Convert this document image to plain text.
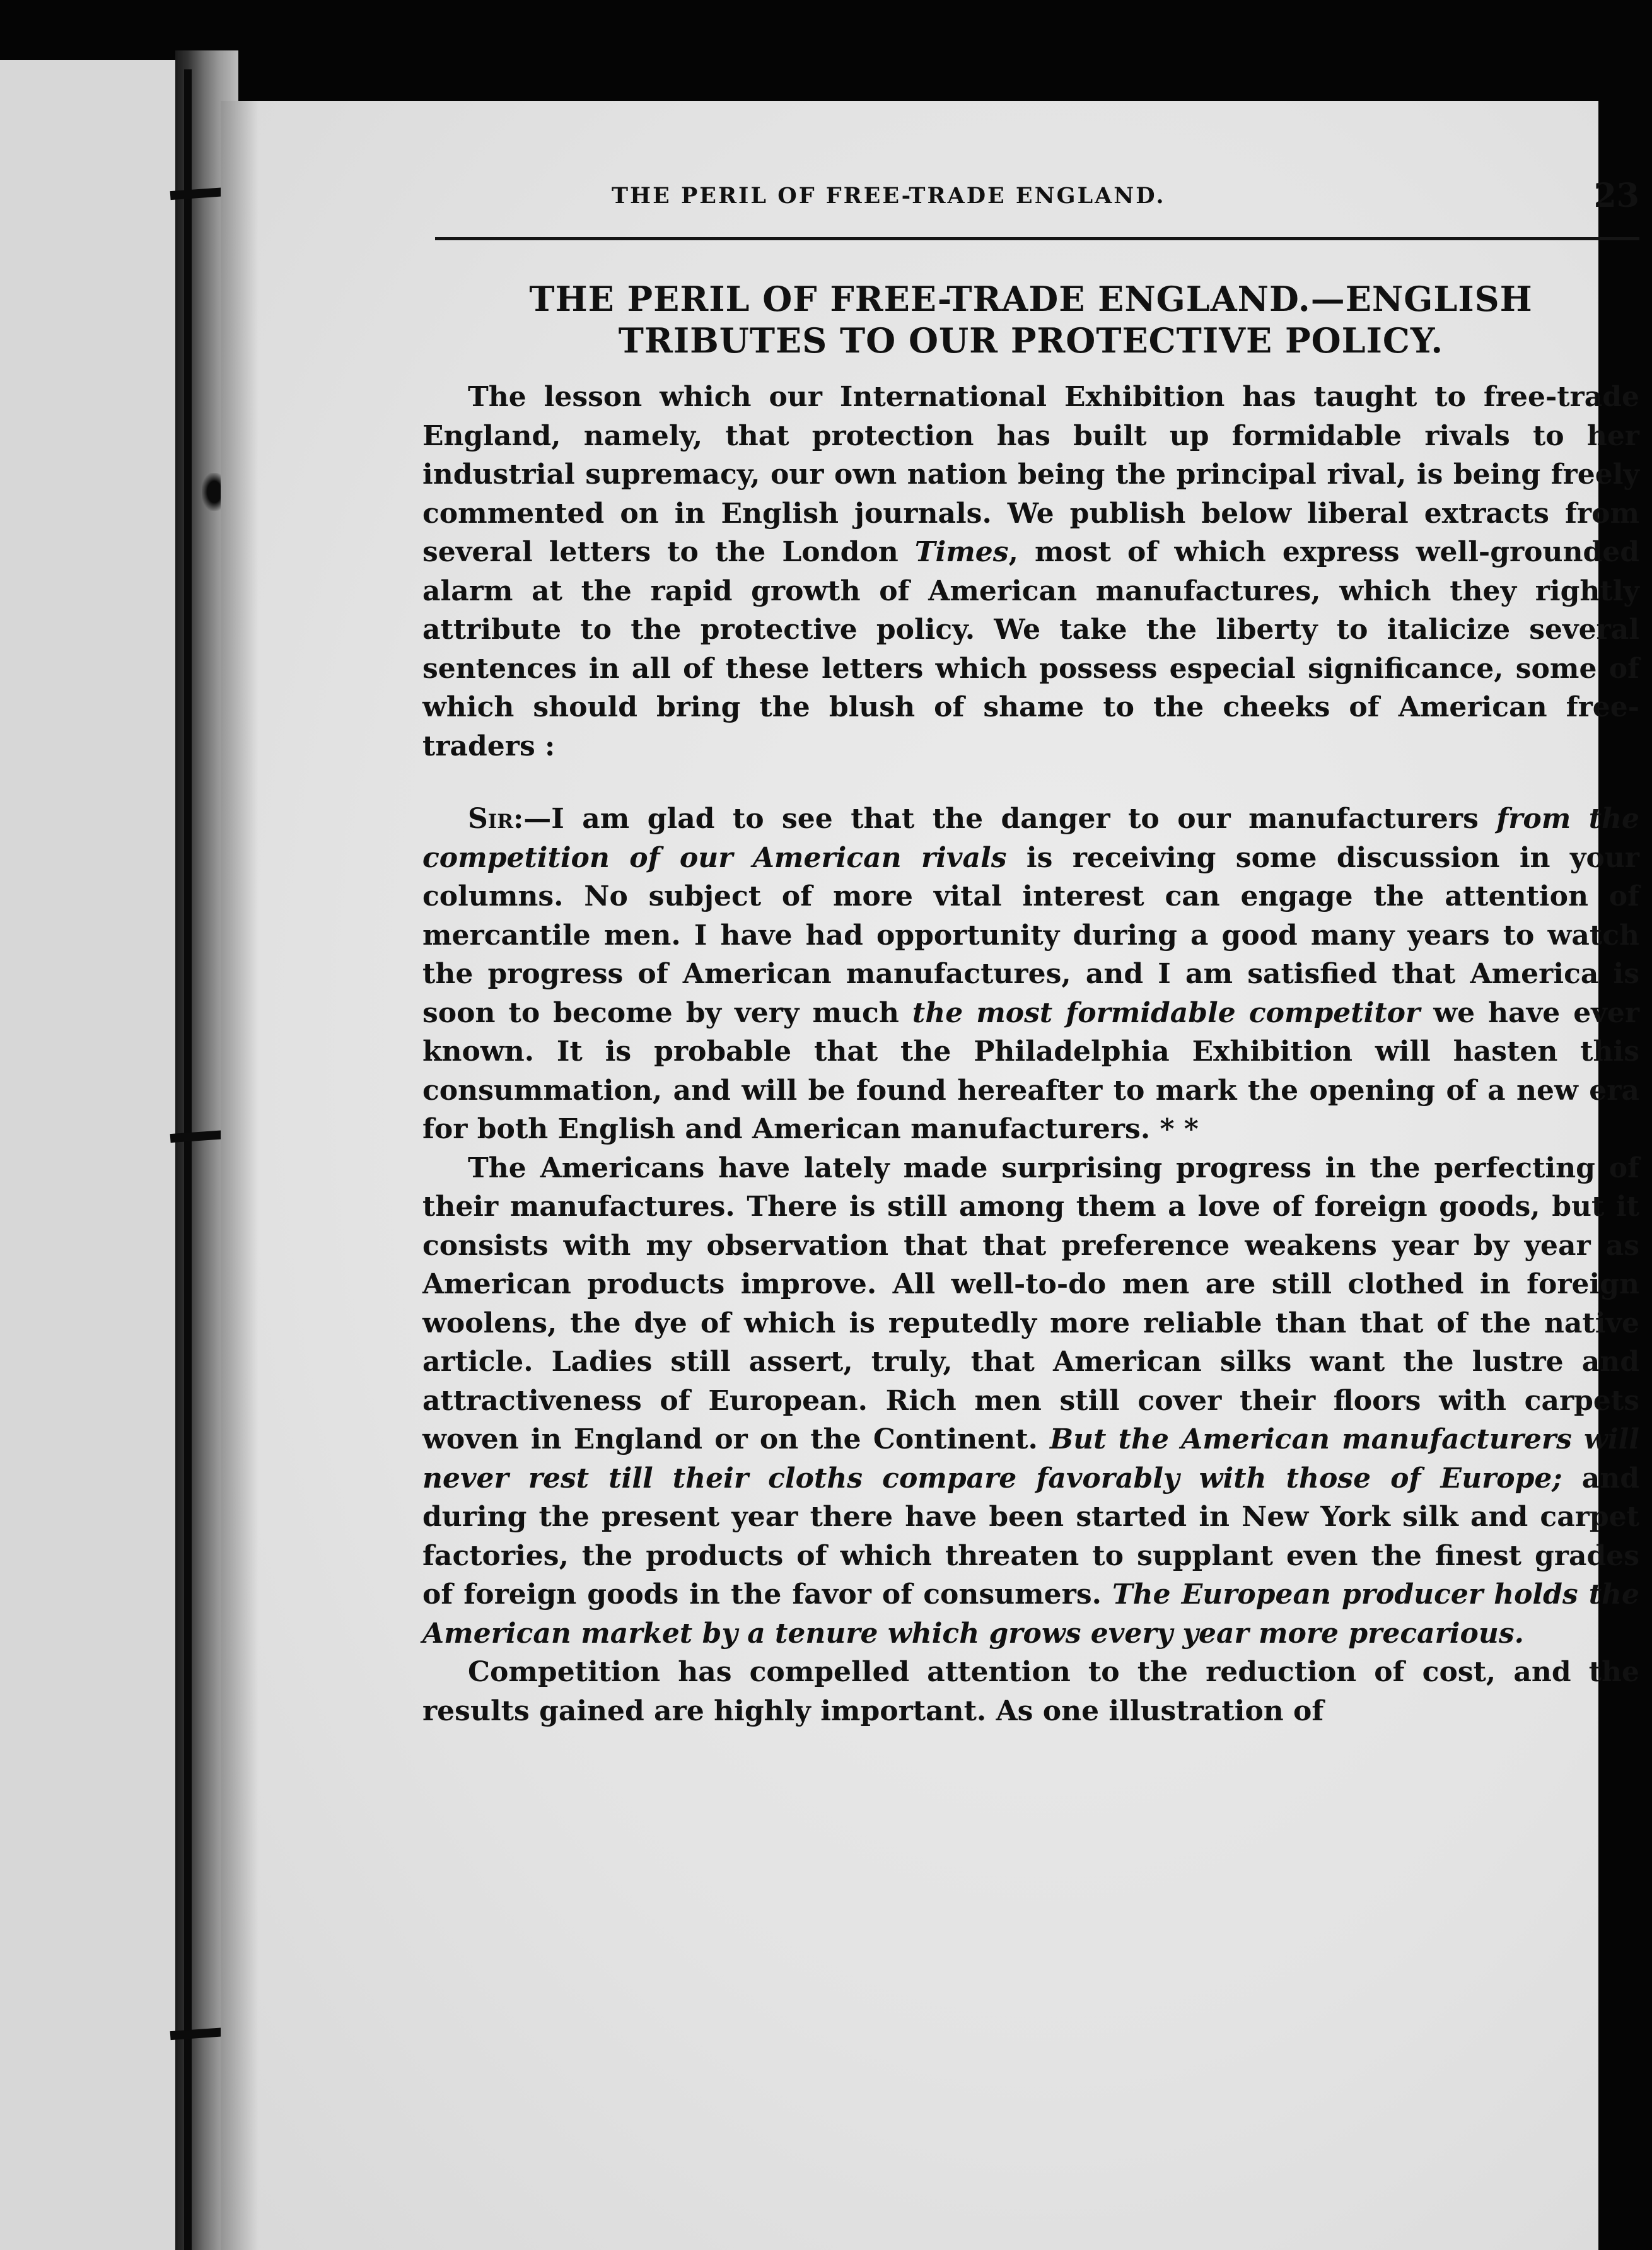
THE PERIL OF FREE-TRADE ENGLAND.	23
THE PERIL OF FREE-TRADE ENGLAND.—ENGLISH
TRIBUTES TO OUR PROTECTIVE POLICY.

The lesson which our International Exhibition has taught to free-trade England, namely, that protection has built up formidable rivals to her industrial supremacy, our own nation being the principal rival, is being freely commented on in English journals. We publish below liberal extracts from several letters to the London Times, most of which express well-grounded alarm at the rapid growth of American manufactures, which they rightly attribute to the protective policy. We take the liberty to italicize several sentences in all of these letters which possess especial significance, some of which should bring the blush of shame to the cheeks of American free-traders :

Sir:—I am glad to see that the danger to our manufacturers from the competition of our American rivals is receiving some discussion in your columns. No subject of more vital interest can engage the attention of mercantile men. I have had opportunity during a good many years to watch the progress of American manufactures, and I am satisfied that America is soon to become by very much the most formidable competitor we have ever known. It is probable that the Philadelphia Exhibition will hasten this consummation, and will be found hereafter to mark the opening of a new era for both English and American manufacturers. * *

The Americans have lately made surprising progress in the perfecting of their manufactures. There is still among them a love of foreign goods, but it consists with my observation that that preference weakens year by year as American products improve. All well-to-do men are still clothed in foreign woolens, the dye of which is reputedly more reliable than that of the native article. Ladies still assert, truly, that American silks want the lustre and attractiveness of European. Rich men still cover their floors with carpets woven in England or on the Continent. But the American manufacturers will never rest till their cloths compare favorably with those of Europe; and during the present year there have been started in New York silk and carpet factories, the products of which threaten to supplant even the finest grades of foreign goods in the favor of consumers. The European producer holds the American market by a tenure which grows every year more precarious.

Competition has compelled attention to the reduction of cost, and the results gained are highly important. As one illustration of
